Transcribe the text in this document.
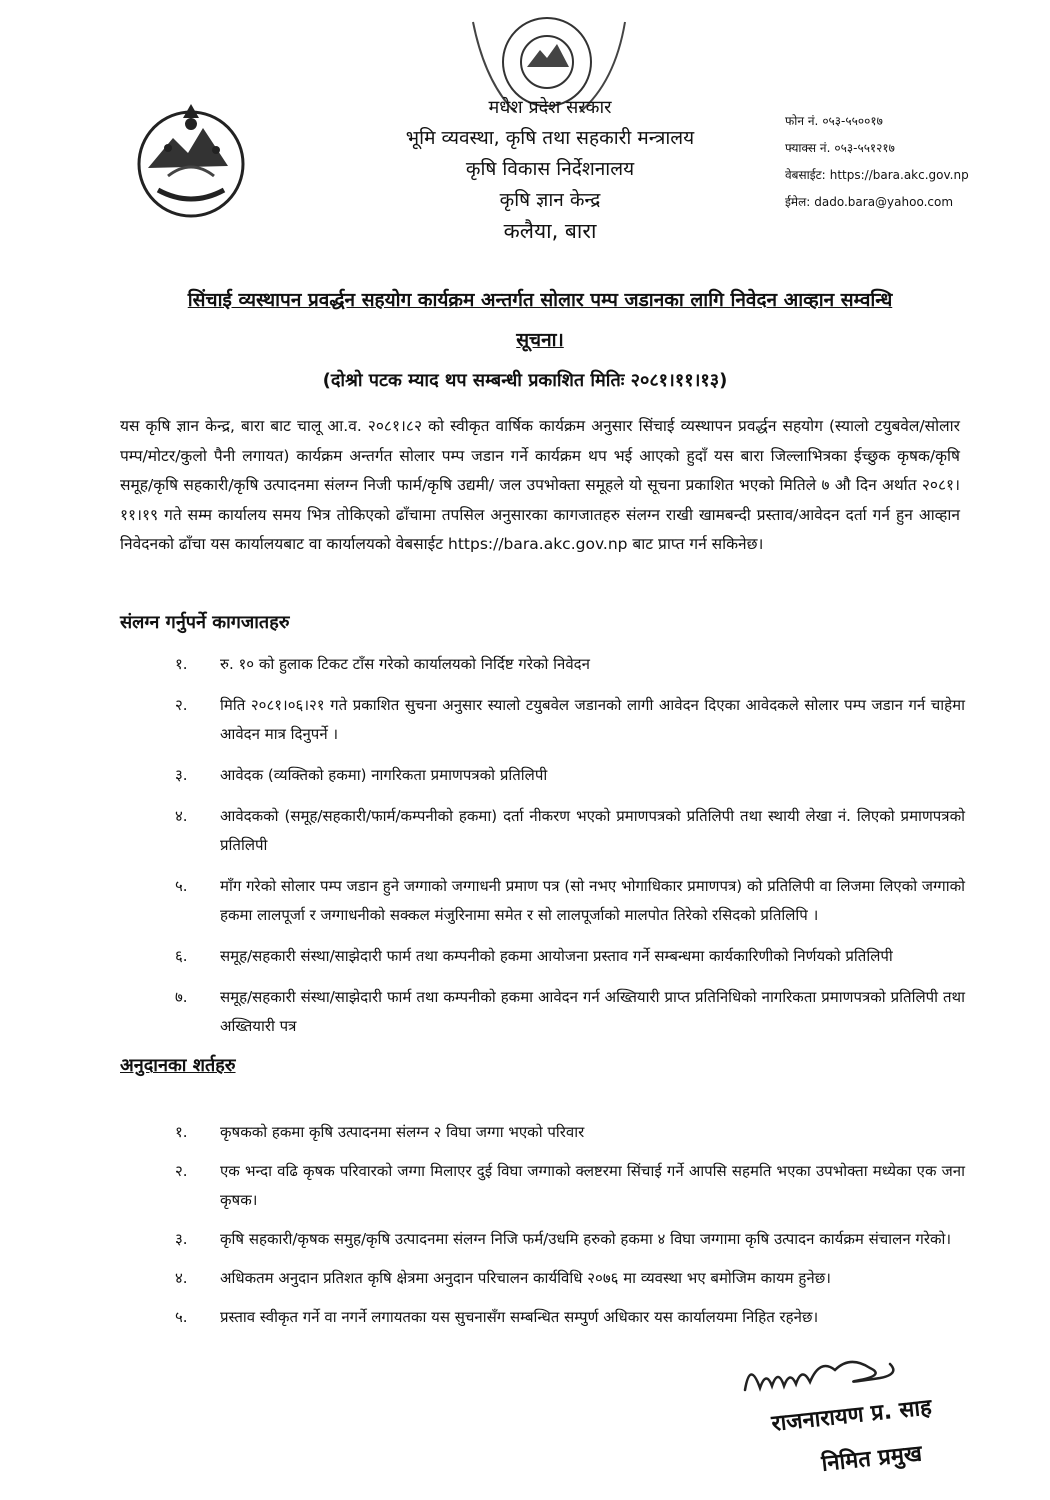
मधेश प्रदेश सरकार
भूमि व्यवस्था, कृषि तथा सहकारी मन्त्रालय
कृषि विकास निर्देशनालय
कृषि ज्ञान केन्द्र
कलैया, बारा
फोन नं. ०५३-५५००१७
फ्याक्स नं. ०५३-५५१२१७
वेबसाईट: https://bara.akc.gov.np
ईमेल: dado.bara@yahoo.com
सिंचाई व्यस्थापन प्रवर्द्धन सहयोग कार्यक्रम अन्तर्गत सोलार पम्प जडानका लागि निवेदन आव्हान सम्वन्धि
सूचना।
(दोश्रो पटक म्याद थप सम्बन्धी प्रकाशित मितिः २०८१।११।१३)
यस कृषि ज्ञान केन्द्र, बारा बाट चालू आ.व. २०८१।८२ को स्वीकृत वार्षिक कार्यक्रम अनुसार सिंचाई व्यस्थापन प्रवर्द्धन सहयोग (स्यालो टयुबवेल/सोलार पम्प/मोटर/कुलो पैनी लगायत) कार्यक्रम अन्तर्गत सोलार पम्प जडान गर्ने कार्यक्रम थप भई आएको हुदाँ यस बारा जिल्लाभित्रका ईच्छुक कृषक/कृषि समूह/कृषि सहकारी/कृषि उत्पादनमा संलग्न निजी फार्म/कृषि उद्यमी/ जल उपभोक्ता समूहले यो सूचना प्रकाशित भएको मितिले ७ औ दिन अर्थात २०८१।११।१९ गते सम्म कार्यालय समय भित्र तोकिएको ढाँचामा तपसिल अनुसारका कागजातहरु संलग्न राखी खामबन्दी प्रस्ताव/आवेदन दर्ता गर्न हुन आव्हान निवेदनको ढाँचा यस कार्यालयबाट वा कार्यालयको वेबसाईट https://bara.akc.gov.np बाट प्राप्त गर्न सकिनेछ।
संलग्न गर्नुपर्ने कागजातहरु
१.	रु. १० को हुलाक टिकट टाँस गरेको कार्यालयको निर्दिष्ट गरेको निवेदन
२.	मिति २०८१।०६।२१ गते प्रकाशित सुचना अनुसार स्यालो टयुबवेल जडानको लागी आवेदन दिएका आवेदकले सोलार पम्प जडान गर्न चाहेमा आवेदन मात्र दिनुपर्ने ।
३.	आवेदक (व्यक्तिको हकमा) नागरिकता प्रमाणपत्रको प्रतिलिपी
४.	आवेदकको (समूह/सहकारी/फार्म/कम्पनीको हकमा) दर्ता नीकरण भएको प्रमाणपत्रको प्रतिलिपी तथा स्थायी लेखा नं. लिएको प्रमाणपत्रको प्रतिलिपी
५.	माँग गरेको सोलार पम्प जडान हुने जग्गाको जग्गाधनी प्रमाण पत्र (सो नभए भोगाधिकार प्रमाणपत्र) को प्रतिलिपी वा लिजमा लिएको जग्गाको हकमा लालपूर्जा र जग्गाधनीको सक्कल मंजुरिनामा समेत र सो लालपूर्जाको मालपोत तिरेको रसिदको प्रतिलिपि ।
६.	समूह/सहकारी संस्था/साझेदारी फार्म तथा कम्पनीको हकमा आयोजना प्रस्ताव गर्ने सम्बन्धमा कार्यकारिणीको निर्णयको प्रतिलिपी
७.	समूह/सहकारी संस्था/साझेदारी फार्म तथा कम्पनीको हकमा आवेदन गर्न अख्तियारी प्राप्त प्रतिनिधिको नागरिकता प्रमाणपत्रको प्रतिलिपी तथा अख्तियारी पत्र
अनुदानका शर्तहरु
१.	कृषकको हकमा कृषि उत्पादनमा संलग्न २ विघा जग्गा भएको परिवार
२.	एक भन्दा वढि कृषक परिवारको जग्गा मिलाएर दुई विघा जग्गाको क्लष्टरमा सिंचाई गर्ने आपसि सहमति भएका उपभोक्ता मध्येका एक जना कृषक।
३.	कृषि सहकारी/कृषक समुह/कृषि उत्पादनमा संलग्न निजि फर्म/उधमि हरुको हकमा ४ विघा जग्गामा कृषि उत्पादन कार्यक्रम संचालन गरेको।
४.	अधिकतम अनुदान प्रतिशत कृषि क्षेत्रमा अनुदान परिचालन कार्यविधि २०७६ मा व्यवस्था भए बमोजिम कायम हुनेछ।
५.	प्रस्ताव स्वीकृत गर्ने वा नगर्ने लगायतका यस सुचनासँग सम्बन्धित सम्पुर्ण अधिकार यस कार्यालयमा निहित रहनेछ।
राजनारायण प्र. साह
निमित प्रमुख
